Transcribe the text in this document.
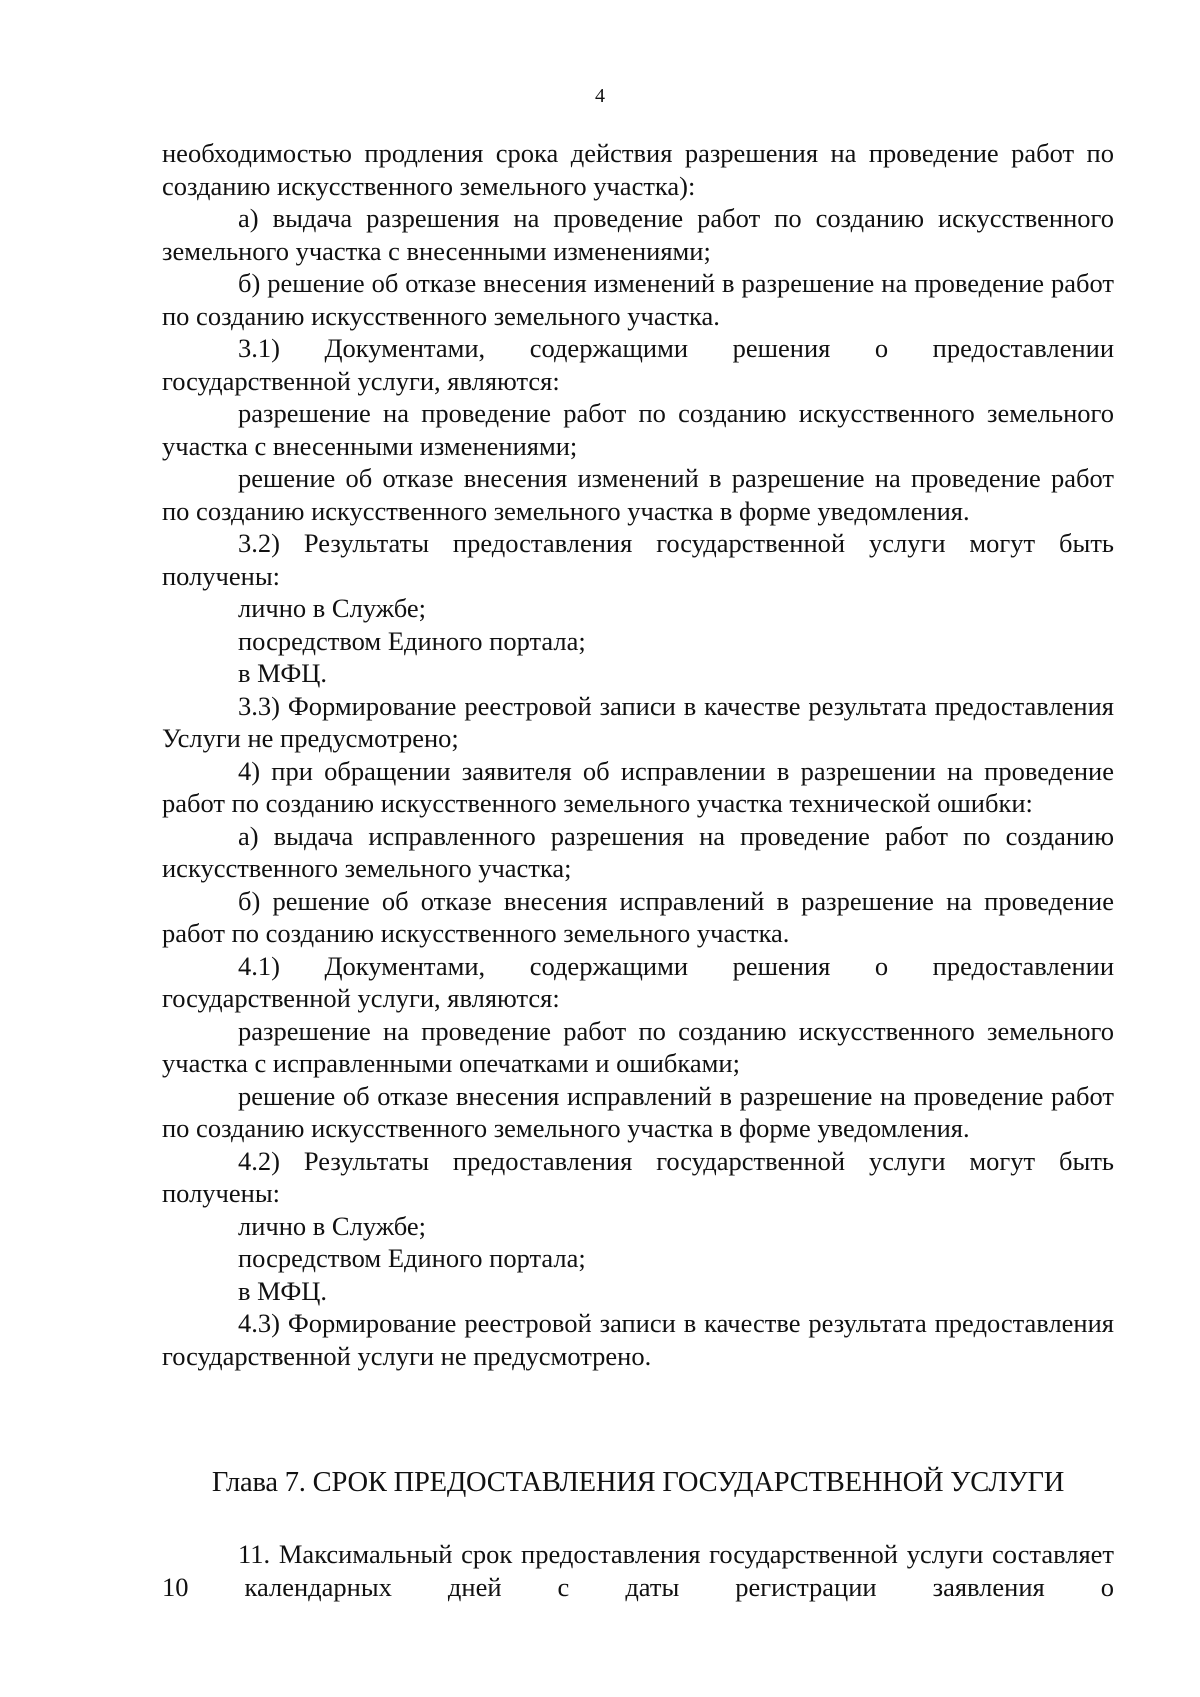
4

необходимостью продления срока действия разрешения на проведение работ по созданию искусственного земельного участка):

а) выдача разрешения на проведение работ по созданию искусственного земельного участка с внесенными изменениями;

б) решение об отказе внесения изменений в разрешение на проведение работ по созданию искусственного земельного участка.

3.1) Документами, содержащими решения о предоставлении государственной услуги, являются:

разрешение на проведение работ по созданию искусственного земельного участка с внесенными изменениями;

решение об отказе внесения изменений в разрешение на проведение работ по созданию искусственного земельного участка в форме уведомления.

3.2) Результаты предоставления государственной услуги могут быть получены:

лично в Службе;

посредством Единого портала;

в МФЦ.

3.3) Формирование реестровой записи в качестве результата предоставления Услуги не предусмотрено;

4) при обращении заявителя об исправлении в разрешении на проведение работ по созданию искусственного земельного участка технической ошибки:

а) выдача исправленного разрешения на проведение работ по созданию искусственного земельного участка;

б) решение об отказе внесения исправлений в разрешение на проведение работ по созданию искусственного земельного участка.

4.1) Документами, содержащими решения о предоставлении государственной услуги, являются:

разрешение на проведение работ по созданию искусственного земельного участка с исправленными опечатками и ошибками;

решение об отказе внесения исправлений в разрешение на проведение работ по созданию искусственного земельного участка в форме уведомления.

4.2) Результаты предоставления государственной услуги могут быть получены:

лично в Службе;

посредством Единого портала;

в МФЦ.

4.3) Формирование реестровой записи в качестве результата предоставления государственной услуги не предусмотрено.

Глава 7. СРОК ПРЕДОСТАВЛЕНИЯ ГОСУДАРСТВЕННОЙ УСЛУГИ

11. Максимальный срок предоставления государственной услуги составляет 10 календарных дней с даты регистрации заявления о
